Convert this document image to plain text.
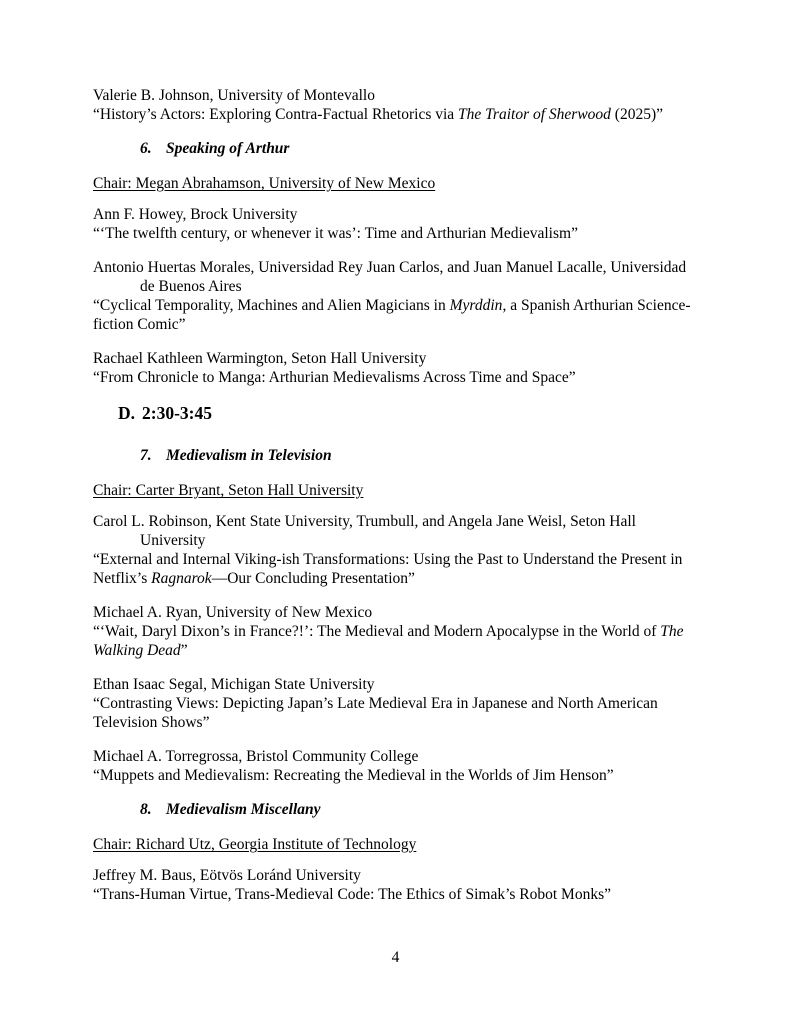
Valerie B. Johnson, University of Montevallo
“History’s Actors: Exploring Contra-Factual Rhetorics via The Traitor of Sherwood (2025)”
6. Speaking of Arthur
Chair: Megan Abrahamson, University of New Mexico
Ann F. Howey, Brock University
“‘The twelfth century, or whenever it was’: Time and Arthurian Medievalism”
Antonio Huertas Morales, Universidad Rey Juan Carlos, and Juan Manuel Lacalle, Universidad
de Buenos Aires
“Cyclical Temporality, Machines and Alien Magicians in Myrddin, a Spanish Arthurian Science-
fiction Comic”
Rachael Kathleen Warmington, Seton Hall University
“From Chronicle to Manga: Arthurian Medievalisms Across Time and Space”
D. 2:30-3:45
7. Medievalism in Television
Chair: Carter Bryant, Seton Hall University
Carol L. Robinson, Kent State University, Trumbull, and Angela Jane Weisl, Seton Hall
University
“External and Internal Viking-ish Transformations: Using the Past to Understand the Present in
Netflix’s Ragnarok—Our Concluding Presentation”
Michael A. Ryan, University of New Mexico
“‘Wait, Daryl Dixon’s in France?!’: The Medieval and Modern Apocalypse in the World of The
Walking Dead”
Ethan Isaac Segal, Michigan State University
“Contrasting Views: Depicting Japan’s Late Medieval Era in Japanese and North American
Television Shows”
Michael A. Torregrossa, Bristol Community College
“Muppets and Medievalism: Recreating the Medieval in the Worlds of Jim Henson”
8. Medievalism Miscellany
Chair: Richard Utz, Georgia Institute of Technology
Jeffrey M. Baus, Eötvös Loránd University
“Trans-Human Virtue, Trans-Medieval Code: The Ethics of Simak’s Robot Monks”
4
